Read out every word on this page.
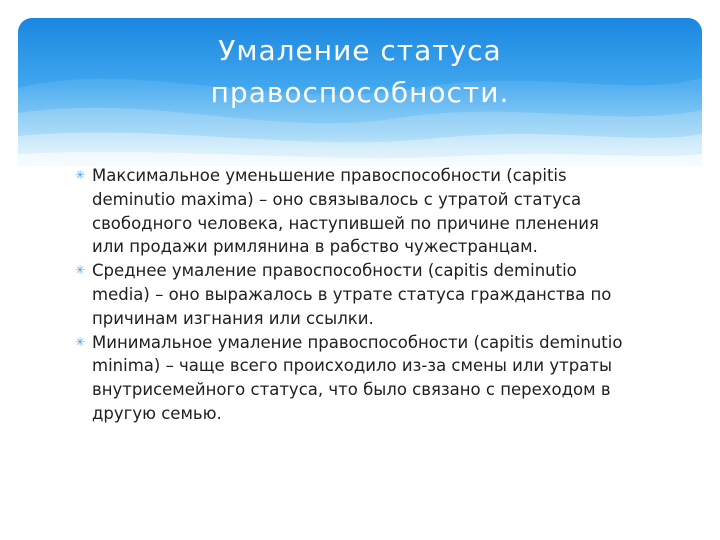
Умаление статуса
правоспособности.

✳ Максимальное уменьшение правоспособности (capitis deminutio maxima) – оно связывалось с утратой статуса свободного человека, наступившей по причине пленения или продажи римлянина в рабство чужестранцам.

✳ Среднее умаление правоспособности (capitis deminutio media) – оно выражалось в утрате статуса гражданства по причинам изгнания или ссылки.

✳ Минимальное умаление правоспособности (capitis deminutio minima) – чаще всего происходило из-за смены или утраты внутрисемейного статуса, что было связано с переходом в другую семью.
